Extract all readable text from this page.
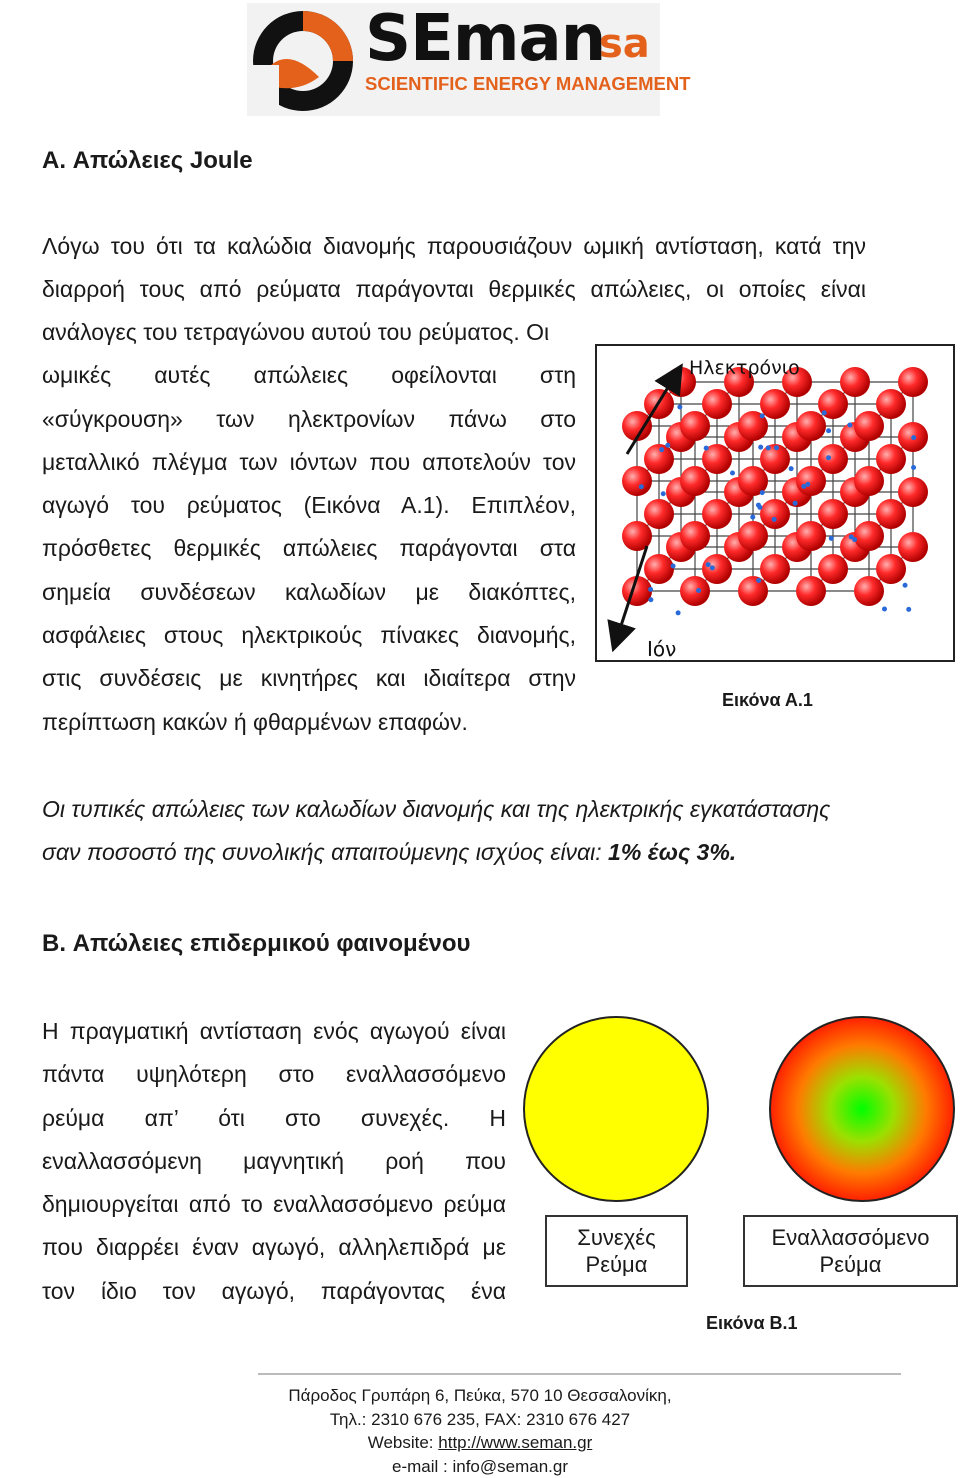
SEman
sa
SCIENTIFIC ENERGY MANAGEMENT
A. Απώλειες Joule
Λόγω του ότι τα καλώδια διανομής παρουσιάζουν ωμική αντίσταση, κατά την
διαρροή τους από ρεύματα παράγονται θερμικές απώλειες, οι οποίες είναι
ανάλογες του τετραγώνου αυτού του ρεύματος. Οι
ωμικές αυτές απώλειες οφείλονται στη
«σύγκρουση» των ηλεκτρονίων πάνω στο
μεταλλικό πλέγμα των ιόντων που αποτελούν τον
αγωγό του ρεύματος (Εικόνα Α.1). Επιπλέον,
πρόσθετες θερμικές απώλειες παράγονται στα
σημεία συνδέσεων καλωδίων με διακόπτες,
ασφάλειες στους ηλεκτρικούς πίνακες διανομής,
στις συνδέσεις με κινητήρες και ιδιαίτερα στην
περίπτωση κακών ή φθαρμένων επαφών.
Ηλεκτρόνιο
Ιόν
Εικόνα Α.1
Οι τυπικές απώλειες των καλωδίων διανομής και της ηλεκτρικής εγκατάστασης
σαν ποσοστό της συνολικής απαιτούμενης ισχύος είναι: 1% έως 3%.
B. Απώλειες επιδερμικού φαινομένου
Η πραγματική αντίσταση ενός αγωγού είναι
πάντα υψηλότερη στο εναλλασσόμενο
ρεύμα απ’ ότι στο συνεχές. Η
εναλλασσόμενη μαγνητική ροή που
δημιουργείται από το εναλλασσόμενο ρεύμα
που διαρρέει έναν αγωγό, αλληλεπιδρά με
τον ίδιο τον αγωγό, παράγοντας ένα
Συνεχές
Ρεύμα
Εναλλασσόμενο
Ρεύμα
Εικόνα Β.1
Πάροδος Γρυπάρη 6, Πεύκα, 570 10 Θεσσαλονίκη,
Τηλ.: 2310 676 235, FAX: 2310 676 427
Website: http://www.seman.gr
e-mail : info@seman.gr
